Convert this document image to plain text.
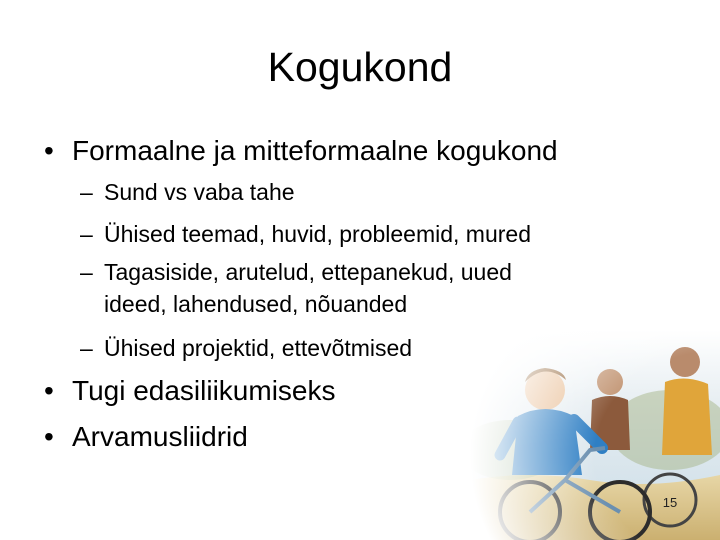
Kogukond
• Formaalne ja mitteformaalne kogukond
– Sund vs vaba tahe
– Ühised teemad, huvid, probleemid, mured
– Tagasiside, arutelud, ettepanekud, uued
ideed, lahendused, nõuanded
– Ühised projektid, ettevõtmised
• Tugi edasiliikumiseks
• Arvamusliidrid
15
